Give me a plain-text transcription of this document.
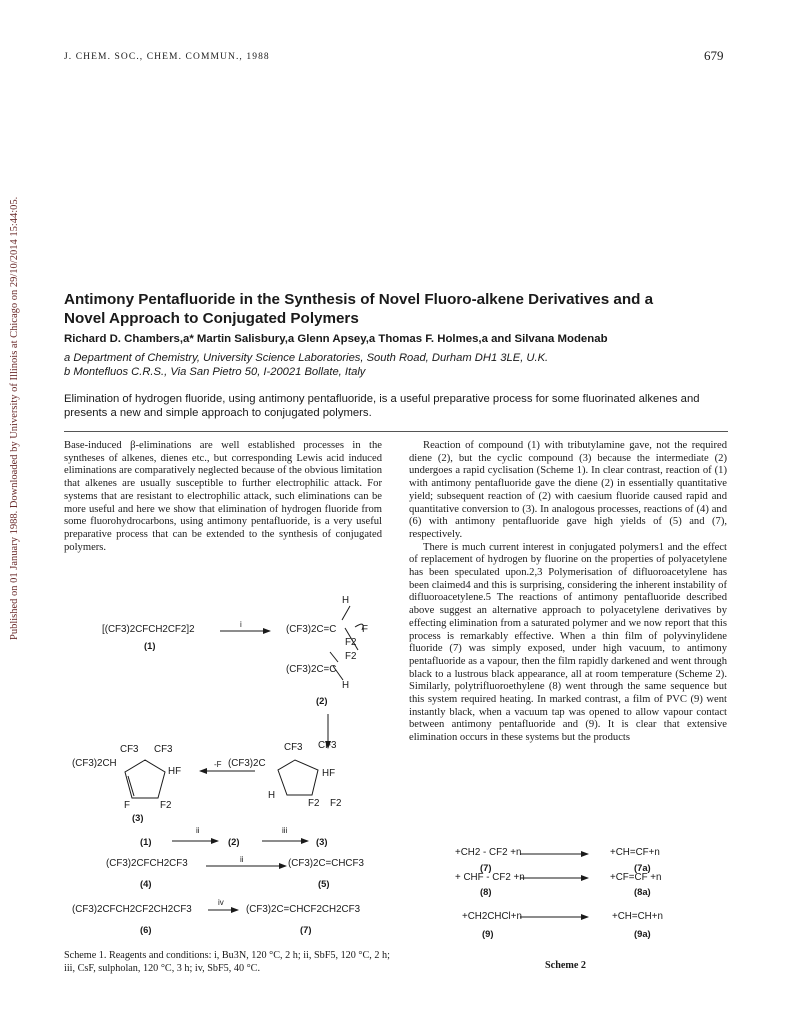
J. CHEM. SOC., CHEM. COMMUN., 1988	679
Published on 01 January 1988. Downloaded by University of Illinois at Chicago on 29/10/2014 15:44:05.	Antimony Pentafluoride in the Synthesis of Novel Fluoro-alkene Derivatives and a
Novel Approach to Conjugated Polymers
Richard D. Chambers,a* Martin Salisbury,a Glenn Apsey,a Thomas F. Holmes,a and Silvana Modenab
a Department of Chemistry, University Science Laboratories, South Road, Durham DH1 3LE, U.K.
b Montefluos C.R.S., Via San Pietro 50, I-20021 Bollate, Italy
Elimination of hydrogen fluoride, using antimony pentafluoride, is a useful preparative process for some fluorinated alkenes and presents a new and simple approach to conjugated polymers.

Base-induced β-eliminations are well established processes in the syntheses of alkenes, dienes etc., but corresponding Lewis acid induced eliminations are comparatively neglected because of the obvious limitation that alkenes are usually susceptible to further electrophilic attack. For systems that are resistant to electrophilic attack, such eliminations can be more useful and here we show that elimination of hydrogen fluoride from some fluorohydrocarbons, using antimony pentafluoride, is a very useful preparative process that can be extended to the synthesis of conjugated polymers.

Reaction of compound (1) with tributylamine gave, not the required diene (2), but the cyclic compound (3) because the intermediate (2) undergoes a rapid cyclisation (Scheme 1). In clear contrast, reaction of (1) with antimony pentafluoride gave the diene (2) in essentially quantitative yield; subsequent reaction of (2) with caesium fluoride caused rapid and quantitative conversion to (3). In analogous processes, reactions of (4) and (6) with antimony pentafluoride gave high yields of (5) and (7), respectively.

There is much current interest in conjugated polymers1 and the effect of replacement of hydrogen by fluorine on the properties of polyacetylene has been speculated upon.2,3 Polymerisation of difluoroacetylene has been claimed4 and this is surprising, considering the inherent instability of difluoroacetylene.5 The reactions of antimony pentafluoride described above suggest an alternative approach to polyacetylene derivatives by effecting elimination from a saturated polymer and we now report that this process is remarkably effective. When a thin film of polyvinylidene fluoride (7) was simply exposed, under high vacuum, to antimony pentafluoride as a vapour, then the film rapidly darkened and went through black to a lustrous black appearance, all at room temperature (Scheme 2). Similarly, polytrifluoroethylene (8) went through the same sequence but this system required heating. In marked contrast, a film of PVC (9) went instantly black, when a vacuum tap was opened to allow vapour contact between antimony pentafluoride and (9). It is clear that extensive elimination occurs in these systems but the products

[(CF3)2CFCH2CF2]2
(1)
i
H
(CF3)2C=C	F
F2
F2
(CF3)2C=C
H
(2)
CF3 CF3
(CF3)2CH
HF
F	F2
(3)
-F
CF3 CF3
(CF3)2C
HF
H
F2 F2
(1)
ii
(2)
iii
(3)
(CF3)2CFCH2CF3	ii	(CF3)2C=CHCF3
(4)	(5)
(CF3)2CFCH2CF2CH2CF3
iv
(CF3)2C=CHCF2CH2CF3
(6)	(7)
Scheme 1. Reagents and conditions: i, Bu3N, 120 °C, 2 h; ii, SbF5, 120 °C, 2 h; iii, CsF, sulpholan, 120 °C, 3 h; iv, SbF5, 40 °C.
+CH2 - CF2 +n	+CH=CF+n
(7)	(7a)
+ CHF - CF2 +n	+CF=CF +n
(8)	(8a)
+CH2CHCl+n	+CH=CH+n
(9)	(9a)
Scheme 2
